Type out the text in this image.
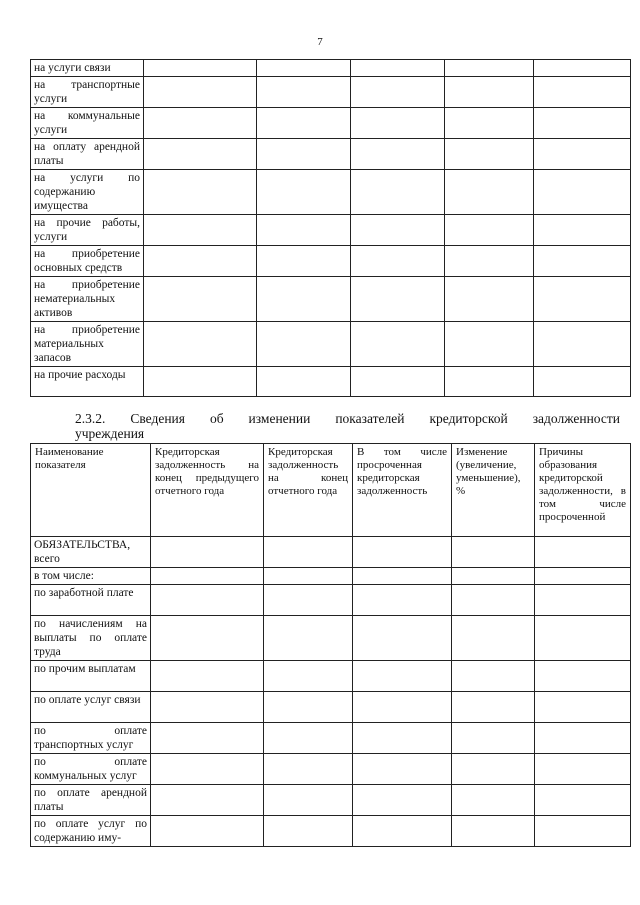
7
на услуги связи					
на транспортные услуги					
на коммунальные услуги					
на оплату арендной платы					
на услуги по содержанию имущества					
на прочие работы, услуги					
на приобретение основных средств					
на приобретение нематериальных активов					
на приобретение материальных запасов					
на прочие расходы					
2.3.2. Сведения об изменении показателей кредиторской задолженности
учреждения
Наименование показателя	Кредиторская задолженность на конец предыдущего отчетного года	Кредиторская задолженность на конец отчетного года	В том числе просроченная кредиторская задолженность	Изменение (увеличение, уменьшение), %	Причины образования кредиторской задолженности, в том числе просроченной
ОБЯЗАТЕЛЬСТВА, всего					
в том числе:					
по заработной плате					
по начислениям на выплаты по оплате труда					
по прочим выплатам					
по оплате услуг связи					
по оплате транспортных услуг					
по оплате коммунальных услуг					
по оплате арендной платы					
по оплате услуг по содержанию иму-					
